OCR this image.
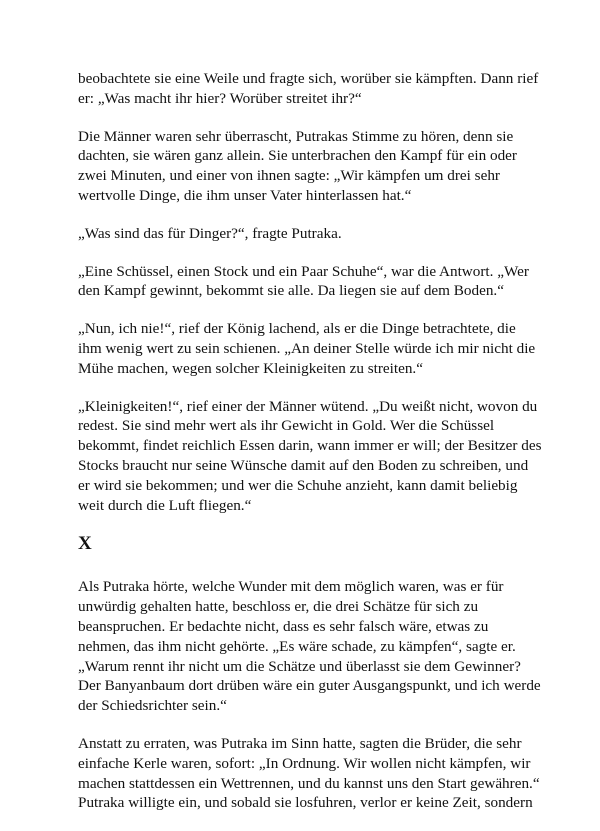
beobachtete sie eine Weile und fragte sich, worüber sie kämpften. Dann rief
er: „Was macht ihr hier? Worüber streitet ihr?“

Die Männer waren sehr überrascht, Putrakas Stimme zu hören, denn sie
dachten, sie wären ganz allein. Sie unterbrachen den Kampf für ein oder
zwei Minuten, und einer von ihnen sagte: „Wir kämpfen um drei sehr
wertvolle Dinge, die ihm unser Vater hinterlassen hat.“

„Was sind das für Dinger?“, fragte Putraka.

„Eine Schüssel, einen Stock und ein Paar Schuhe“, war die Antwort. „Wer
den Kampf gewinnt, bekommt sie alle. Da liegen sie auf dem Boden.“

„Nun, ich nie!“, rief der König lachend, als er die Dinge betrachtete, die
ihm wenig wert zu sein schienen. „An deiner Stelle würde ich mir nicht die
Mühe machen, wegen solcher Kleinigkeiten zu streiten.“

„Kleinigkeiten!“, rief einer der Männer wütend. „Du weißt nicht, wovon du
redest. Sie sind mehr wert als ihr Gewicht in Gold. Wer die Schüssel
bekommt, findet reichlich Essen darin, wann immer er will; der Besitzer des
Stocks braucht nur seine Wünsche damit auf den Boden zu schreiben, und
er wird sie bekommen; und wer die Schuhe anzieht, kann damit beliebig
weit durch die Luft fliegen.“

X

Als Putraka hörte, welche Wunder mit dem möglich waren, was er für
unwürdig gehalten hatte, beschloss er, die drei Schätze für sich zu
beanspruchen. Er bedachte nicht, dass es sehr falsch wäre, etwas zu
nehmen, das ihm nicht gehörte. „Es wäre schade, zu kämpfen“, sagte er.
„Warum rennt ihr nicht um die Schätze und überlasst sie dem Gewinner?
Der Banyanbaum dort drüben wäre ein guter Ausgangspunkt, und ich werde
der Schiedsrichter sein.“

Anstatt zu erraten, was Putraka im Sinn hatte, sagten die Brüder, die sehr
einfache Kerle waren, sofort: „In Ordnung. Wir wollen nicht kämpfen, wir
machen stattdessen ein Wettrennen, und du kannst uns den Start gewähren.“
Putraka willigte ein, und sobald sie losfuhren, verlor er keine Zeit, sondern
